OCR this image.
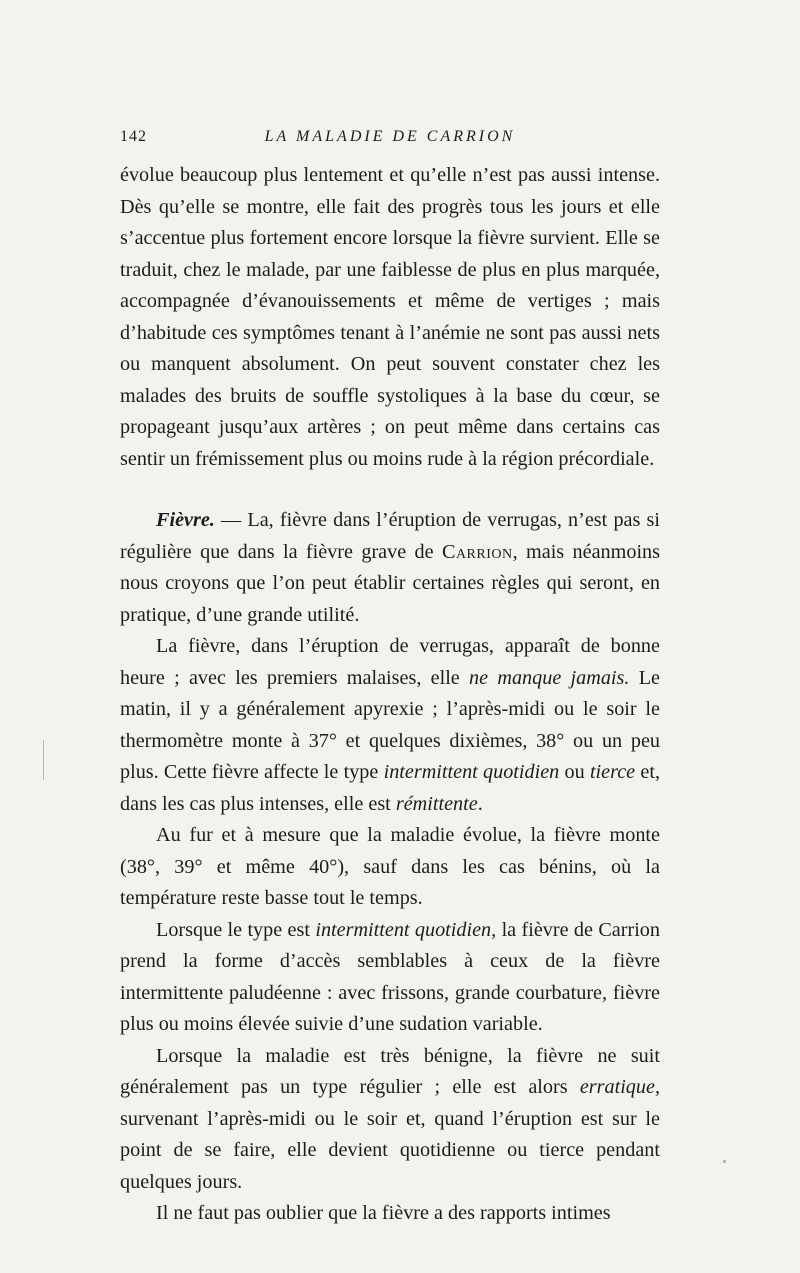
142	LA MALADIE DE CARRION

évolue beaucoup plus lentement et qu’elle n’est pas aussi intense. Dès qu’elle se montre, elle fait des progrès tous les jours et elle s’accentue plus fortement encore lorsque la fièvre survient. Elle se traduit, chez le malade, par une faiblesse de plus en plus marquée, accompagnée d’évanouissements et même de vertiges ; mais d’habitude ces symptômes tenant à l’anémie ne sont pas aussi nets ou manquent absolument. On peut souvent constater chez les malades des bruits de souffle systoliques à la base du cœur, se propageant jusqu’aux artères ; on peut même dans certains cas sentir un frémissement plus ou moins rude à la région précordiale.

Fièvre. — La, fièvre dans l’éruption de verrugas, n’est pas si régulière que dans la fièvre grave de Carrion, mais néanmoins nous croyons que l’on peut établir certaines règles qui seront, en pratique, d’une grande utilité.

La fièvre, dans l’éruption de verrugas, apparaît de bonne heure ; avec les premiers malaises, elle ne manque jamais. Le matin, il y a généralement apyrexie ; l’après-midi ou le soir le thermomètre monte à 37° et quelques dixièmes, 38° ou un peu plus. Cette fièvre affecte le type intermittent quotidien ou tierce et, dans les cas plus intenses, elle est rémittente.

Au fur et à mesure que la maladie évolue, la fièvre monte (38°, 39° et même 40°), sauf dans les cas bénins, où la température reste basse tout le temps.

Lorsque le type est intermittent quotidien, la fièvre de Carrion prend la forme d’accès semblables à ceux de la fièvre intermittente paludéenne : avec frissons, grande courbature, fièvre plus ou moins élevée suivie d’une sudation variable.

Lorsque la maladie est très bénigne, la fièvre ne suit généralement pas un type régulier ; elle est alors erratique, survenant l’après-midi ou le soir et, quand l’éruption est sur le point de se faire, elle devient quotidienne ou tierce pendant quelques jours.

Il ne faut pas oublier que la fièvre a des rapports intimes
